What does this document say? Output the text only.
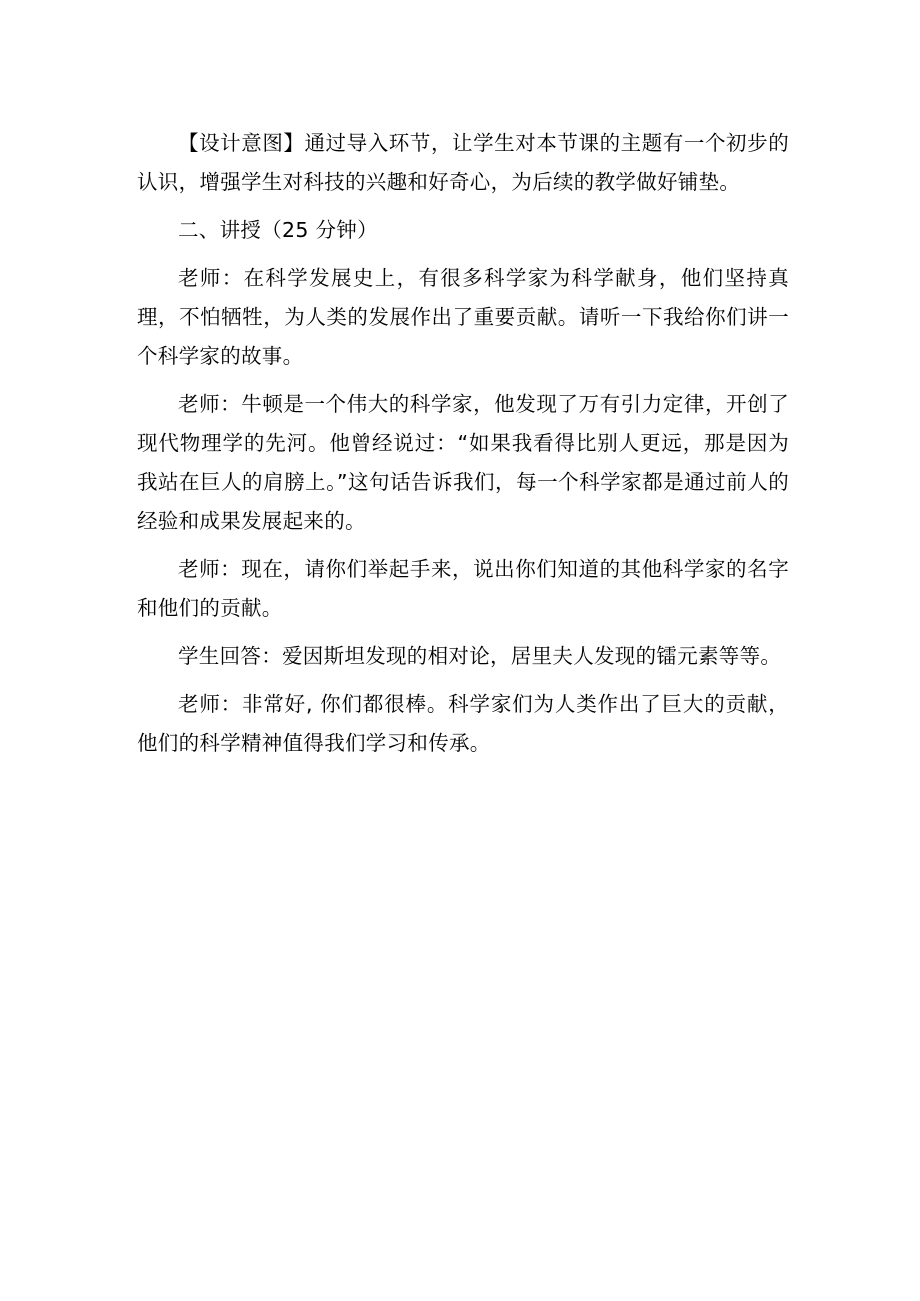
【设计意图】通过导入环节，让学生对本节课的主题有一个初步的认识，增强学生对科技的兴趣和好奇心，为后续的教学做好铺垫。

二、讲授（25 分钟）

老师：在科学发展史上，有很多科学家为科学献身，他们坚持真理，不怕牺牲，为人类的发展作出了重要贡献。请听一下我给你们讲一个科学家的故事。

老师：牛顿是一个伟大的科学家，他发现了万有引力定律，开创了现代物理学的先河。他曾经说过：“如果我看得比别人更远，那是因为我站在巨人的肩膀上。”这句话告诉我们，每一个科学家都是通过前人的经验和成果发展起来的。

老师：现在，请你们举起手来，说出你们知道的其他科学家的名字和他们的贡献。

学生回答：爱因斯坦发现的相对论，居里夫人发现的镭元素等等。

老师：非常好, 你们都很棒。科学家们为人类作出了巨大的贡献，他们的科学精神值得我们学习和传承。
